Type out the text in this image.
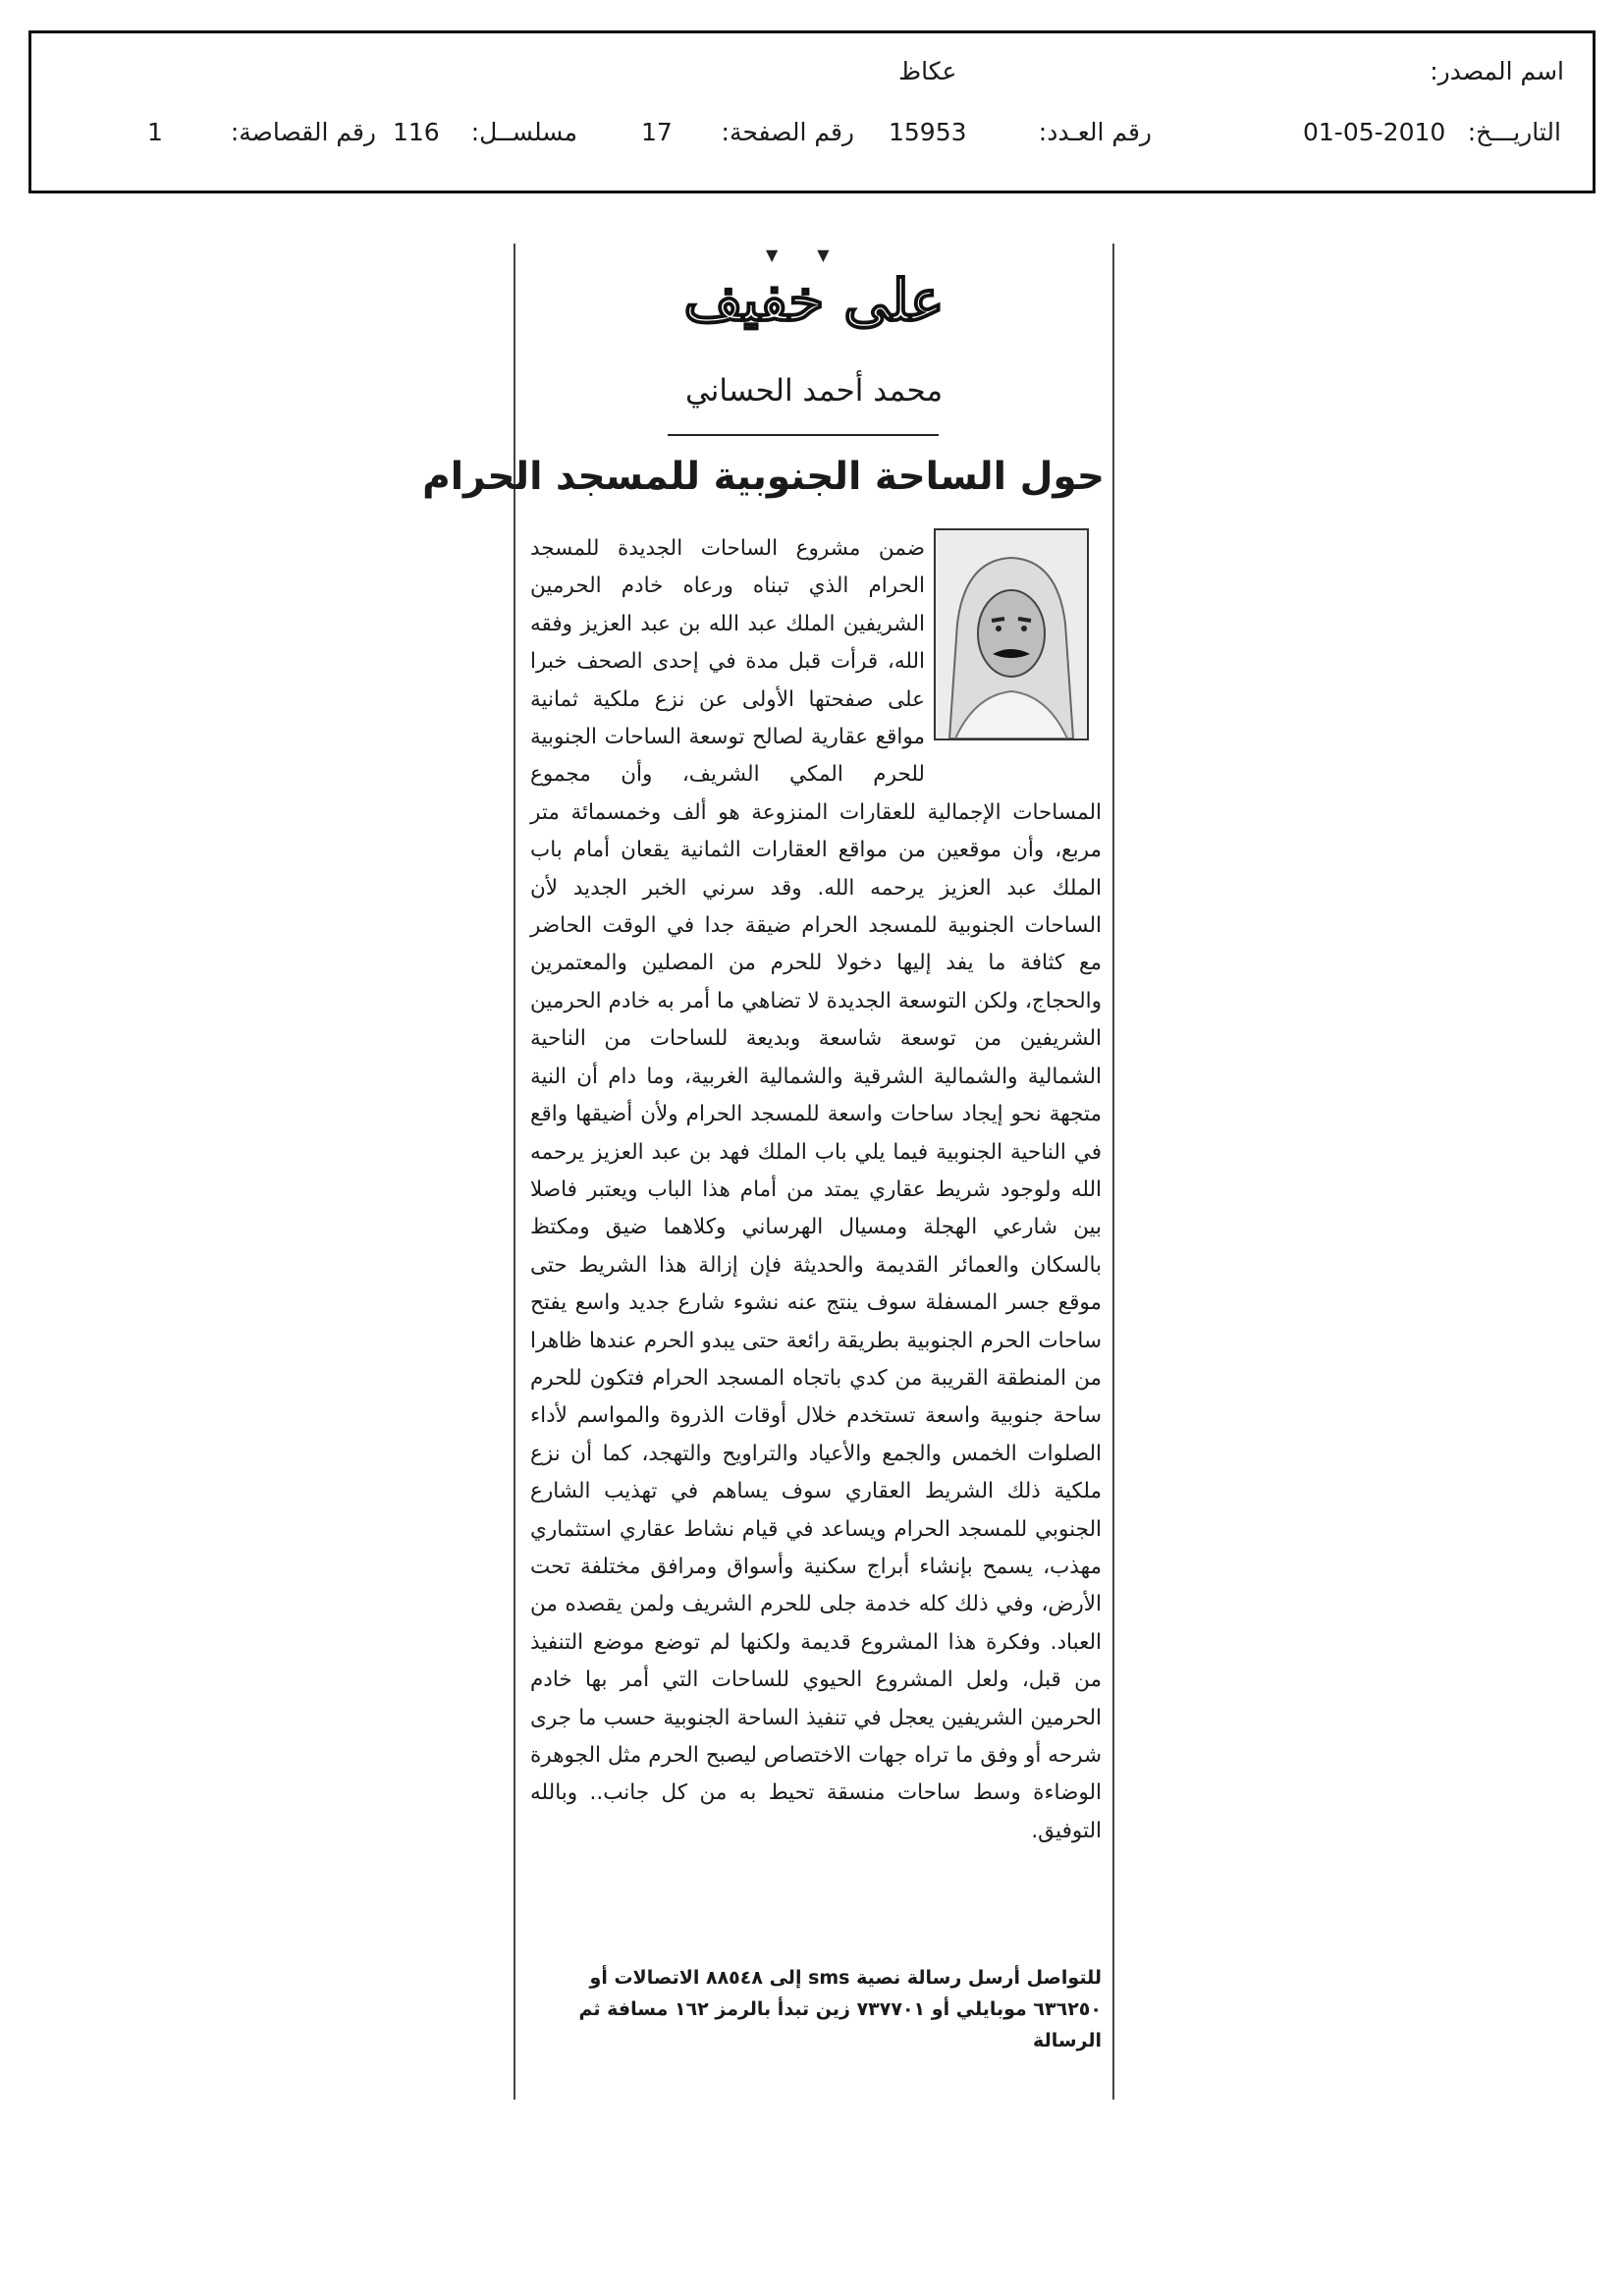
اسم المصدر:
عكاظ
التاريـــخ:
01-05-2010
رقم العـدد:
15953
رقم الصفحة:
17
مسلســل:
116
رقم القصاصة:
1
▼▼
على خفيف
محمد أحمد الحساني
حول الساحة الجنوبية للمسجد الحرام
ضمن مشروع الساحات الجديدة للمسجد الحرام الذي تبناه ورعاه خادم الحرمين الشريفين الملك عبد الله بن عبد العزيز وفقه الله، قرأت قبل مدة في إحدى الصحف خبرا على صفحتها الأولى عن نزع ملكية ثمانية مواقع عقارية لصالح توسعة الساحات الجنوبية للحرم المكي الشريف، وأن مجموع المساحات الإجمالية للعقارات المنزوعة هو ألف وخمسمائة متر مربع، وأن موقعين من مواقع العقارات الثمانية يقعان أمام باب الملك عبد العزيز يرحمه الله. وقد سرني الخبر الجديد لأن الساحات الجنوبية للمسجد الحرام ضيقة جدا في الوقت الحاضر مع كثافة ما يفد إليها دخولا للحرم من المصلين والمعتمرين والحجاج، ولكن التوسعة الجديدة لا تضاهي ما أمر به خادم الحرمين الشريفين من توسعة شاسعة وبديعة للساحات من الناحية الشمالية والشمالية الشرقية والشمالية الغربية، وما دام أن النية متجهة نحو إيجاد ساحات واسعة للمسجد الحرام ولأن أضيقها واقع في الناحية الجنوبية فيما يلي باب الملك فهد بن عبد العزيز يرحمه الله ولوجود شريط عقاري يمتد من أمام هذا الباب ويعتبر فاصلا بين شارعي الهجلة ومسيال الهرساني وكلاهما ضيق ومكتظ بالسكان والعمائر القديمة والحديثة فإن إزالة هذا الشريط حتى موقع جسر المسفلة سوف ينتج عنه نشوء شارع جديد واسع يفتح ساحات الحرم الجنوبية بطريقة رائعة حتى يبدو الحرم عندها ظاهرا من المنطقة القريبة من كدي باتجاه المسجد الحرام فتكون للحرم ساحة جنوبية واسعة تستخدم خلال أوقات الذروة والمواسم لأداء الصلوات الخمس والجمع والأعياد والتراويح والتهجد، كما أن نزع ملكية ذلك الشريط العقاري سوف يساهم في تهذيب الشارع الجنوبي للمسجد الحرام ويساعد في قيام نشاط عقاري استثماري مهذب، يسمح بإنشاء أبراج سكنية وأسواق ومرافق مختلفة تحت الأرض، وفي ذلك كله خدمة جلى للحرم الشريف ولمن يقصده من العباد. وفكرة هذا المشروع قديمة ولكنها لم توضع موضع التنفيذ من قبل، ولعل المشروع الحيوي للساحات التي أمر بها خادم الحرمين الشريفين يعجل في تنفيذ الساحة الجنوبية حسب ما جرى شرحه أو وفق ما تراه جهات الاختصاص ليصبح الحرم مثل الجوهرة الوضاءة وسط ساحات منسقة تحيط به من كل جانب.. وبالله التوفيق.
للتواصل أرسل رسالة نصية sms إلى ٨٨٥٤٨ الاتصالات أو ٦٣٦٢٥٠ موبايلي أو ٧٣٧٧٠١ زين تبدأ بالرمز ١٦٢ مسافة ثم الرسالة
